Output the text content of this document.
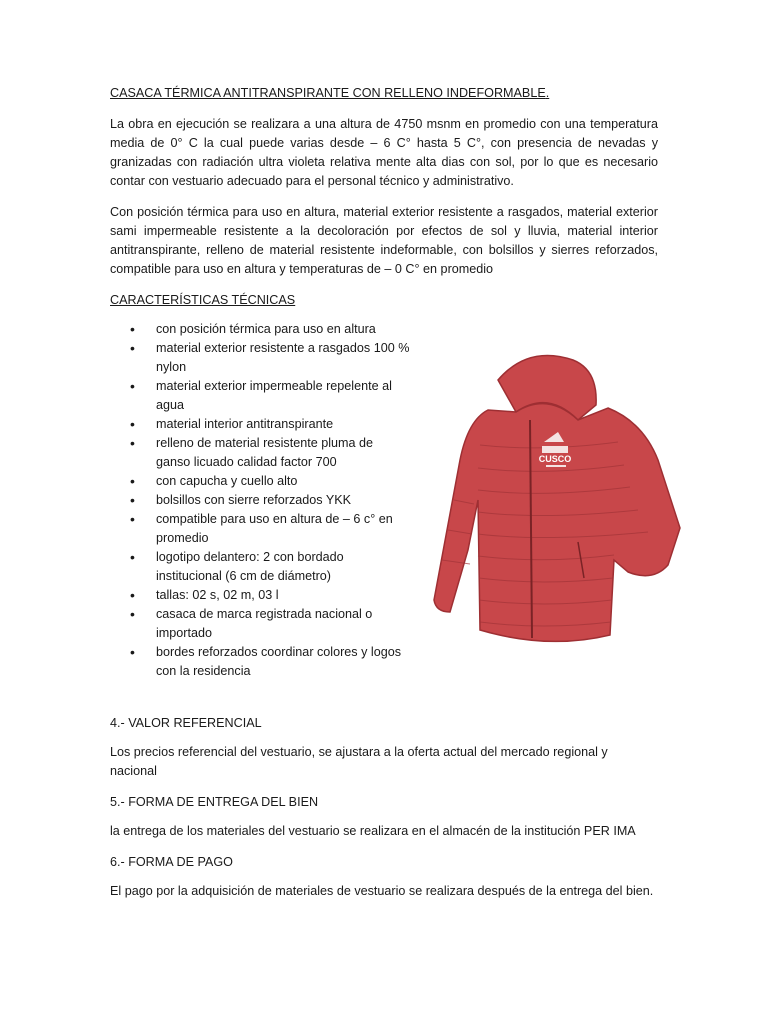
CASACA TÉRMICA ANTITRANSPIRANTE CON RELLENO INDEFORMABLE.

La obra en ejecución se realizara a una altura de 4750 msnm en promedio con una temperatura media de 0° C la cual puede varias desde – 6 C° hasta 5 C°, con presencia de nevadas y granizadas con radiación ultra violeta relativa mente alta dias con sol, por lo que es necesario contar con vestuario adecuado para el personal técnico y administrativo.

Con posición térmica para uso en altura, material exterior resistente a rasgados, material exterior sami impermeable resistente a la decoloración por efectos de sol y lluvia, material interior antitranspirante, relleno de material resistente indeformable, con bolsillos y sierres reforzados, compatible para uso en altura y temperaturas de – 0 C° en promedio

CARACTERÍSTICAS TÉCNICAS

• con posición térmica para uso en altura
• material exterior resistente a rasgados 100 % nylon
• material exterior impermeable repelente al agua
• material interior antitranspirante
• relleno de material resistente pluma de ganso licuado calidad factor 700
• con capucha y cuello alto
• bolsillos con sierre reforzados YKK
• compatible para uso en altura de – 6 c° en promedio
• logotipo delantero: 2 con bordado institucional (6 cm de diámetro)
• tallas: 02 s, 02 m, 03 l
• casaca de marca registrada nacional o importado
• bordes reforzados coordinar colores y logos con la residencia
CUSCO

4.- VALOR REFERENCIAL

Los precios referencial del vestuario, se ajustara a la oferta actual del mercado regional y nacional

5.- FORMA DE ENTREGA DEL BIEN

la entrega de los materiales del vestuario se realizara en el almacén de la institución PER IMA

6.- FORMA DE PAGO

El pago por la adquisición de materiales de vestuario se realizara después de la entrega del bien.
